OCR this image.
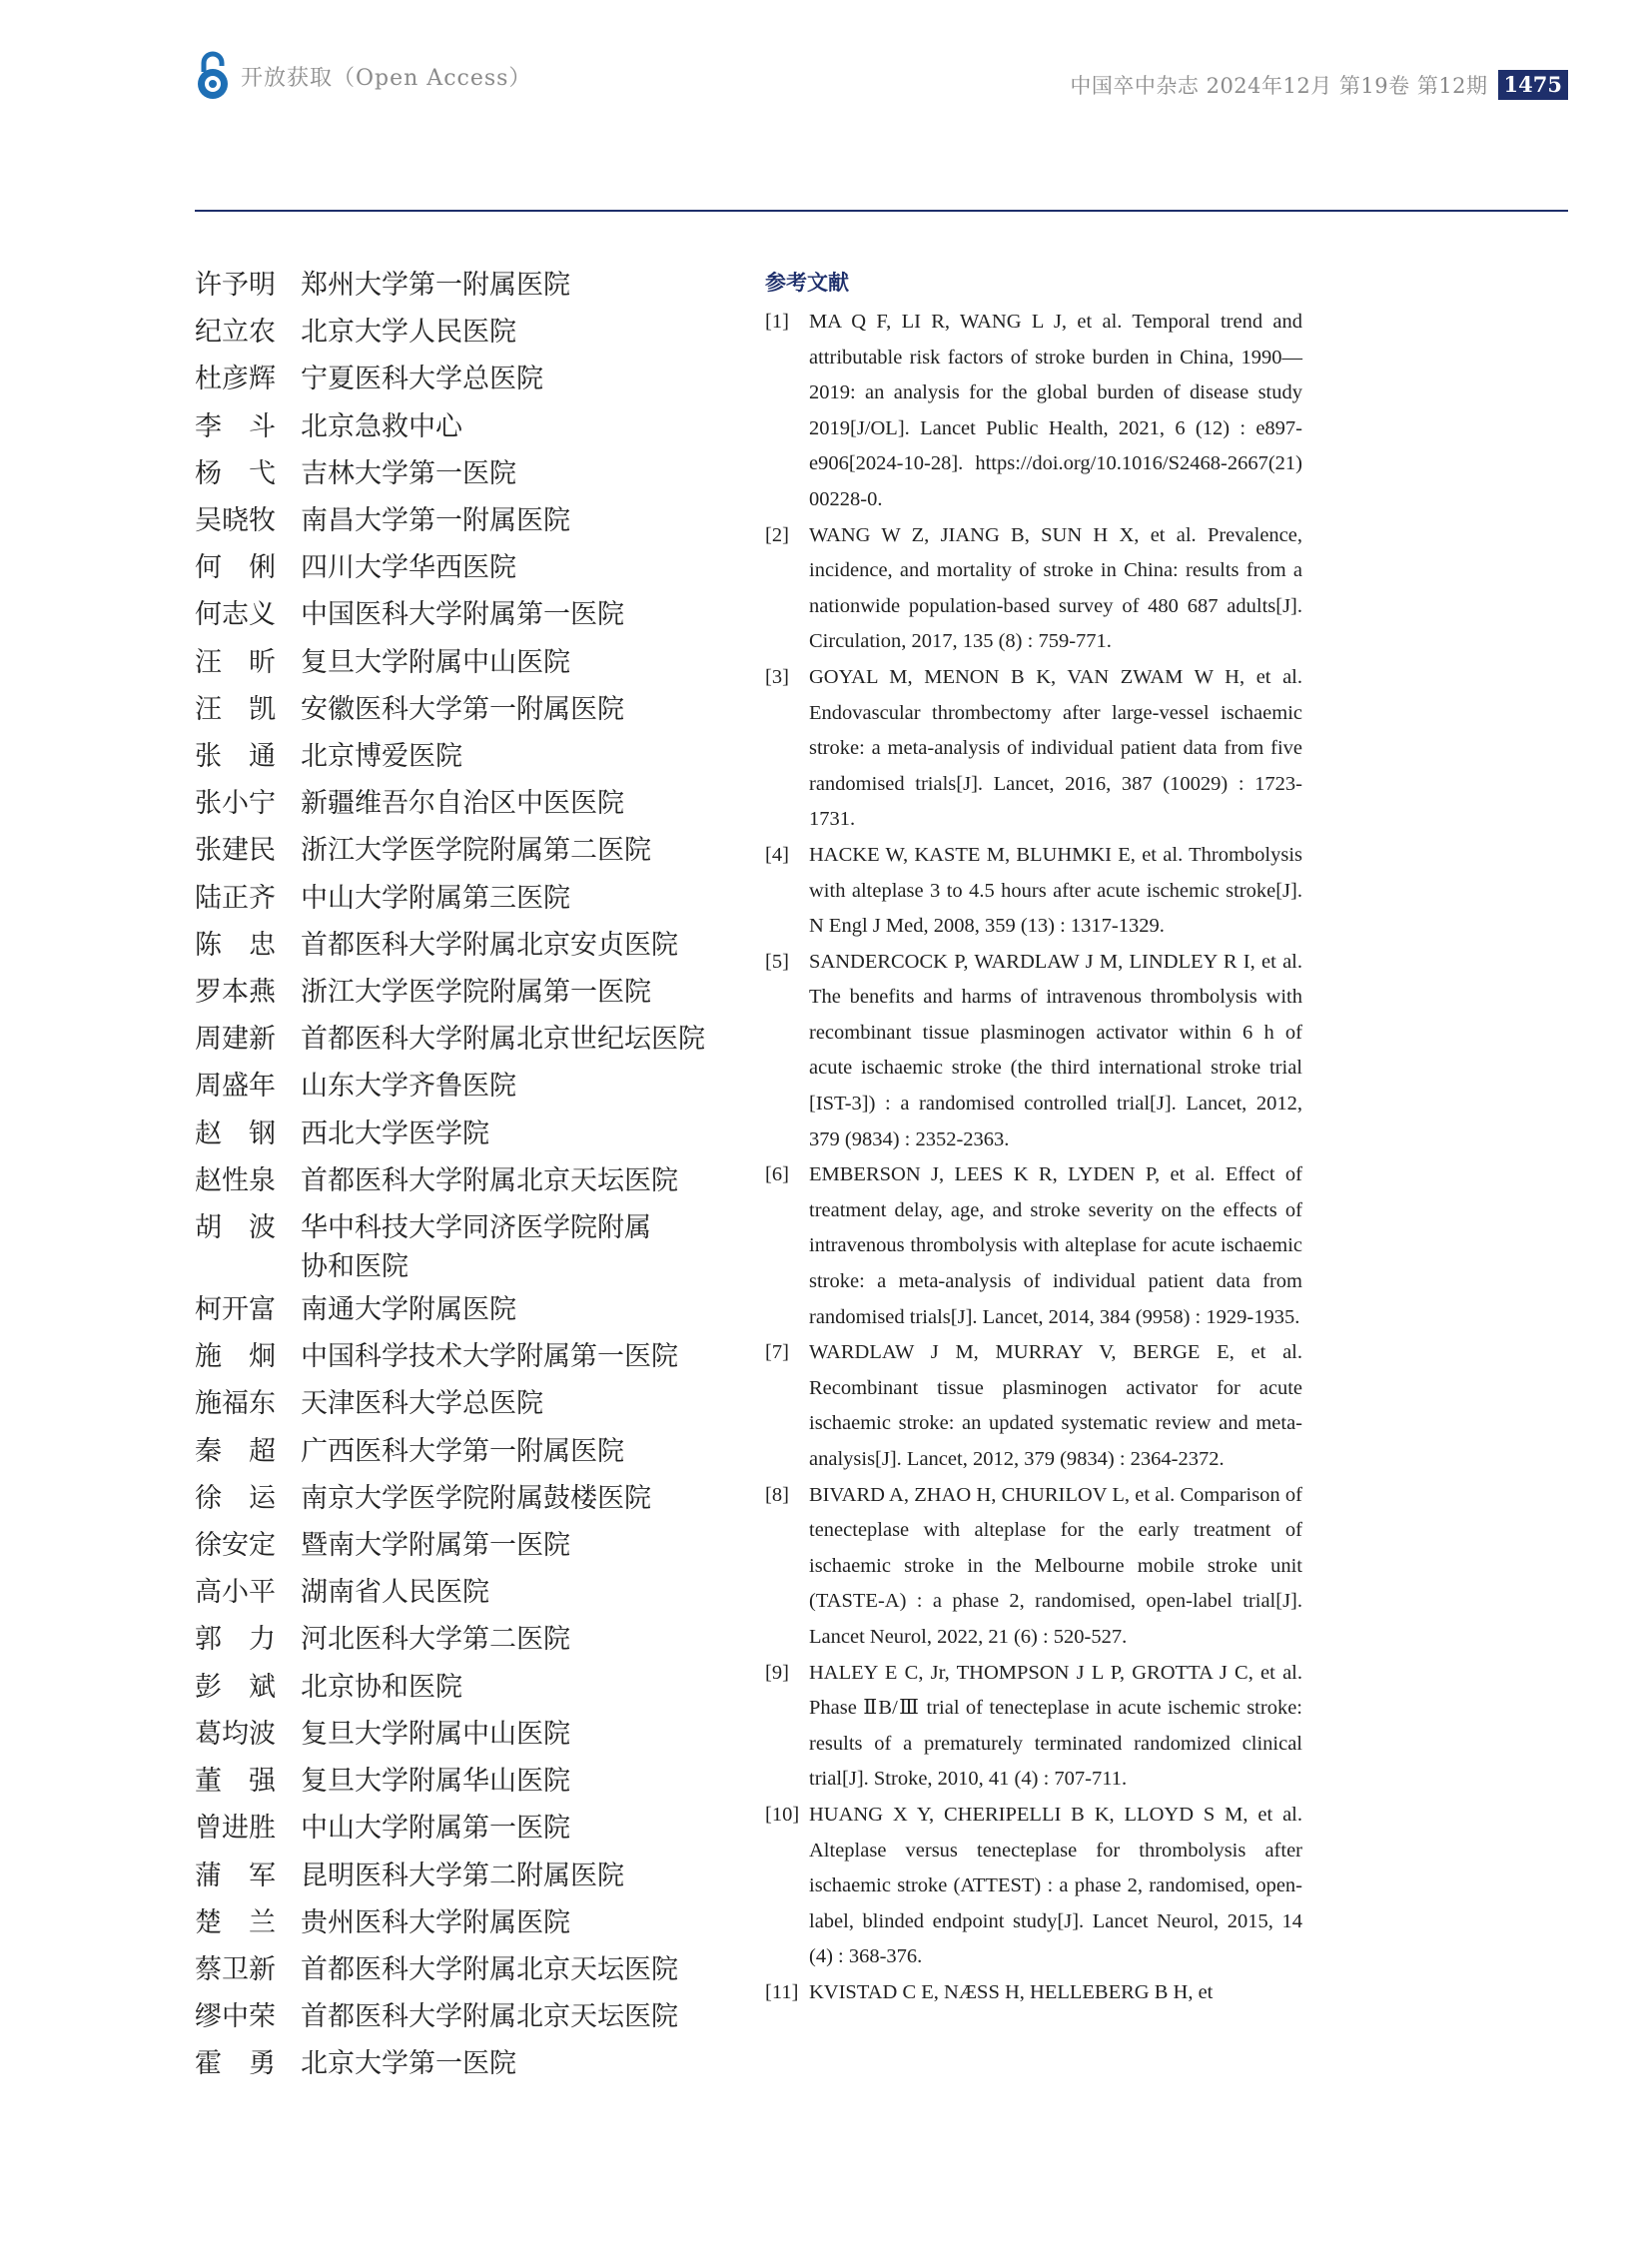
开放获取（Open Access）	中国卒中杂志 2024年12月 第19卷 第12期 1475
许予明 郑州大学第一附属医院
纪立农 北京大学人民医院
杜彦辉 宁夏医科大学总医院
李斗
北京急救中心
杨弋
吉林大学第一医院
吴晓牧 南昌大学第一附属医院
何俐
四川大学华西医院
何志义 中国医科大学附属第一医院
汪昕
复旦大学附属中山医院
汪凯
安徽医科大学第一附属医院
张通
北京博爱医院
张小宁 新疆维吾尔自治区中医医院
张建民 浙江大学医学院附属第二医院
陆正齐 中山大学附属第三医院
陈忠
首都医科大学附属北京安贞医院
罗本燕 浙江大学医学院附属第一医院
周建新 首都医科大学附属北京世纪坛医院
周盛年 山东大学齐鲁医院
赵钢
西北大学医学院
赵性泉 首都医科大学附属北京天坛医院
胡波
华中科技大学同济医学院附属协和医院
柯开富 南通大学附属医院
施炯
中国科学技术大学附属第一医院
施福东 天津医科大学总医院
秦超
广西医科大学第一附属医院
徐运
南京大学医学院附属鼓楼医院
徐安定 暨南大学附属第一医院
高小平 湖南省人民医院
郭力
河北医科大学第二医院
彭斌
北京协和医院
葛均波 复旦大学附属中山医院
董强
复旦大学附属华山医院
曾进胜 中山大学附属第一医院
蒲军
昆明医科大学第二附属医院
楚兰
贵州医科大学附属医院
蔡卫新 首都医科大学附属北京天坛医院
缪中荣 首都医科大学附属北京天坛医院
霍勇
北京大学第一医院
参考文献
[1] MA Q F, LI R, WANG L J, et al. Temporal trend and attributable risk factors of stroke burden in China, 1990—2019: an analysis for the global burden of disease study 2019[J/OL]. Lancet Public Health, 2021, 6 (12) : e897-e906[2024-10-28]. https://doi.org/10.1016/S2468-2667(21) 00228-0.
[2] WANG W Z, JIANG B, SUN H X, et al. Prevalence, incidence, and mortality of stroke in China: results from a nationwide population-based survey of 480 687 adults[J]. Circulation, 2017, 135 (8) : 759-771.
[3] GOYAL M, MENON B K, VAN ZWAM W H, et al. Endovascular thrombectomy after large-vessel ischaemic stroke: a meta-analysis of individual patient data from five randomised trials[J]. Lancet, 2016, 387 (10029) : 1723-1731.
[4] HACKE W, KASTE M, BLUHMKI E, et al. Thrombolysis with alteplase 3 to 4.5 hours after acute ischemic stroke[J]. N Engl J Med, 2008, 359 (13) : 1317-1329.
[5] SANDERCOCK P, WARDLAW J M, LINDLEY R I, et al. The benefits and harms of intravenous thrombolysis with recombinant tissue plasminogen activator within 6 h of acute ischaemic stroke (the third international stroke trial [IST-3]) : a randomised controlled trial[J]. Lancet, 2012, 379 (9834) : 2352-2363.
[6] EMBERSON J, LEES K R, LYDEN P, et al. Effect of treatment delay, age, and stroke severity on the effects of intravenous thrombolysis with alteplase for acute ischaemic stroke: a meta-analysis of individual patient data from randomised trials[J]. Lancet, 2014, 384 (9958) : 1929-1935.
[7] WARDLAW J M, MURRAY V, BERGE E, et al. Recombinant tissue plasminogen activator for acute ischaemic stroke: an updated systematic review and meta-analysis[J]. Lancet, 2012, 379 (9834) : 2364-2372.
[8] BIVARD A, ZHAO H, CHURILOV L, et al. Comparison of tenecteplase with alteplase for the early treatment of ischaemic stroke in the Melbourne mobile stroke unit (TASTE-A) : a phase 2, randomised, open-label trial[J]. Lancet Neurol, 2022, 21 (6) : 520-527.
[9] HALEY E C, Jr, THOMPSON J L P, GROTTA J C, et al. Phase ⅡB/Ⅲ trial of tenecteplase in acute ischemic stroke: results of a prematurely terminated randomized clinical trial[J]. Stroke, 2010, 41 (4) : 707-711.
[10] HUANG X Y, CHERIPELLI B K, LLOYD S M, et al. Alteplase versus tenecteplase for thrombolysis after ischaemic stroke (ATTEST) : a phase 2, randomised, open-label, blinded endpoint study[J]. Lancet Neurol, 2015, 14 (4) : 368-376.
[11] KVISTAD C E, NÆSS H, HELLEBERG B H, et
